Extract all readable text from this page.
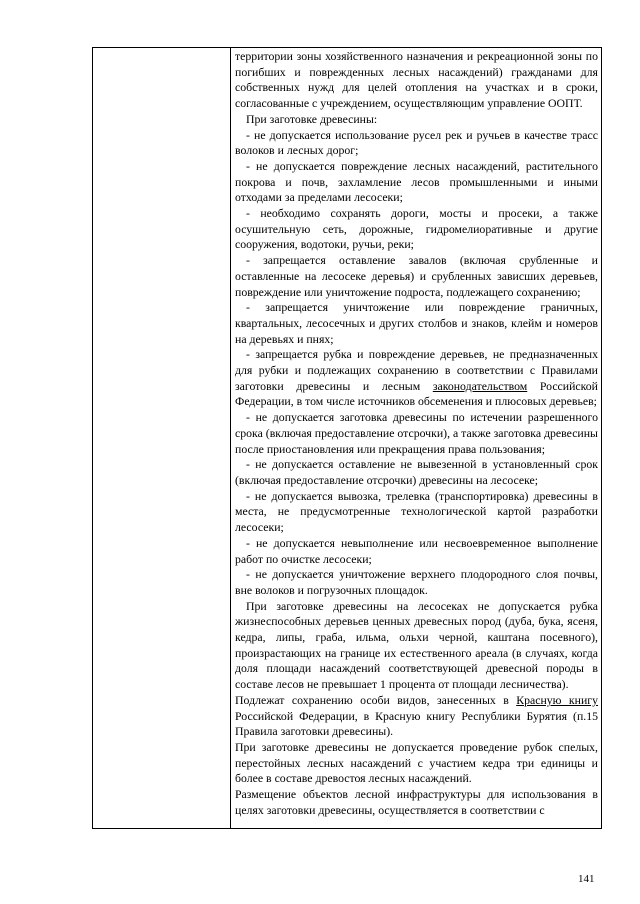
территории зоны хозяйственного назначения и рекреационной зоны по погибших и поврежденных лесных насаждений) гражданами для собственных нужд для целей отопления на участках и в сроки, согласованные с учреждением, осуществляющим управление ООПТ.

При заготовке древесины:

- не допускается использование русел рек и ручьев в качестве трасс волоков и лесных дорог;

- не допускается повреждение лесных насаждений, растительного покрова и почв, захламление лесов промышленными и иными отходами за пределами лесосеки;

- необходимо сохранять дороги, мосты и просеки, а также осушительную сеть, дорожные, гидромелиоративные и другие сооружения, водотоки, ручьи, реки;

- запрещается оставление завалов (включая срубленные и оставленные на лесосеке деревья) и срубленных зависших деревьев, повреждение или уничтожение подроста, подлежащего сохранению;

- запрещается уничтожение или повреждение граничных, квартальных, лесосечных и других столбов и знаков, клейм и номеров на деревьях и пнях;

- запрещается рубка и повреждение деревьев, не предназначенных для рубки и подлежащих сохранению в соответствии с Правилами заготовки древесины и лесным законодательством Российской Федерации, в том числе источников обсеменения и плюсовых деревьев;

- не допускается заготовка древесины по истечении разрешенного срока (включая предоставление отсрочки), а также заготовка древесины после приостановления или прекращения права пользования;

- не допускается оставление не вывезенной в установленный срок (включая предоставление отсрочки) древесины на лесосеке;

- не допускается вывозка, трелевка (транспортировка) древесины в места, не предусмотренные технологической картой разработки лесосеки;

- не допускается невыполнение или несвоевременное выполнение работ по очистке лесосеки;

- не допускается уничтожение верхнего плодородного слоя почвы, вне волоков и погрузочных площадок.

При заготовке древесины на лесосеках не допускается рубка жизнеспособных деревьев ценных древесных пород (дуба, бука, ясеня, кедра, липы, граба, ильма, ольхи черной, каштана посевного), произрастающих на границе их естественного ареала (в случаях, когда доля площади насаждений соответствующей древесной породы в составе лесов не превышает 1 процента от площади лесничества).

Подлежат сохранению особи видов, занесенных в Красную книгу Российской Федерации, в Красную книгу Республики Бурятия (п.15 Правила заготовки древесины).

При заготовке древесины не допускается проведение рубок спелых, перестойных лесных насаждений с участием кедра три единицы и более в составе древостоя лесных насаждений.

Размещение объектов лесной инфраструктуры для использования в целях заготовки древесины, осуществляется в соответствии с

141
